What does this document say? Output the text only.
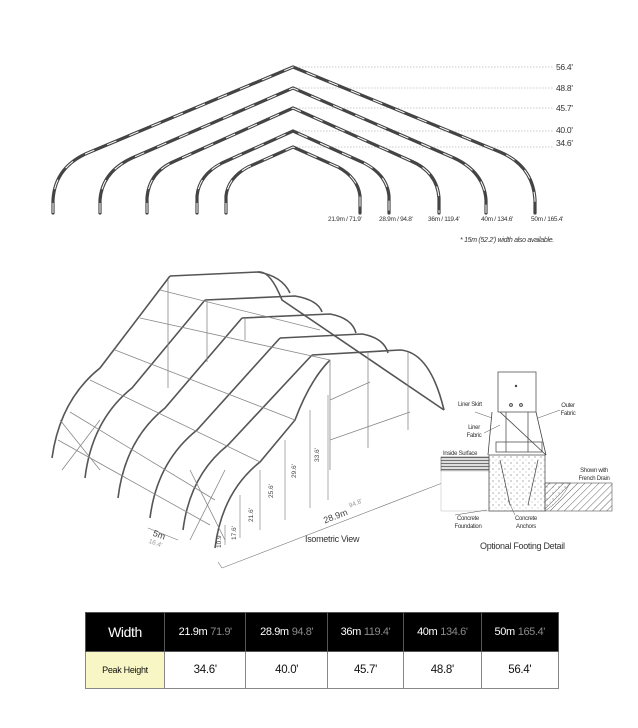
56.4'
48.8'
45.7'
40.0'
34.6'
21.9m / 71.9'	28.9m / 94.8' 36m / 119.4'	40m / 134.6'	50m / 165.4'
* 15m (52.2') width also available.
10.9'
17.6'
21.6'
25.6'
29.6'
33.6'
5m
16.4'
28.9m
94.8'
Isometric View
Liner Skirt
Liner Fabric
Outer Fabric
Inside Surface
Shown with French Drain
Concrete Foundation
Concrete Anchors
Optional Footing Detail
Width	21.9m 71.9'	28.9m 94.8'	36m 119.4'	40m 134.6'	50m 165.4'
Peak Height	34.6'	40.0'	45.7'	48.8'	56.4'
